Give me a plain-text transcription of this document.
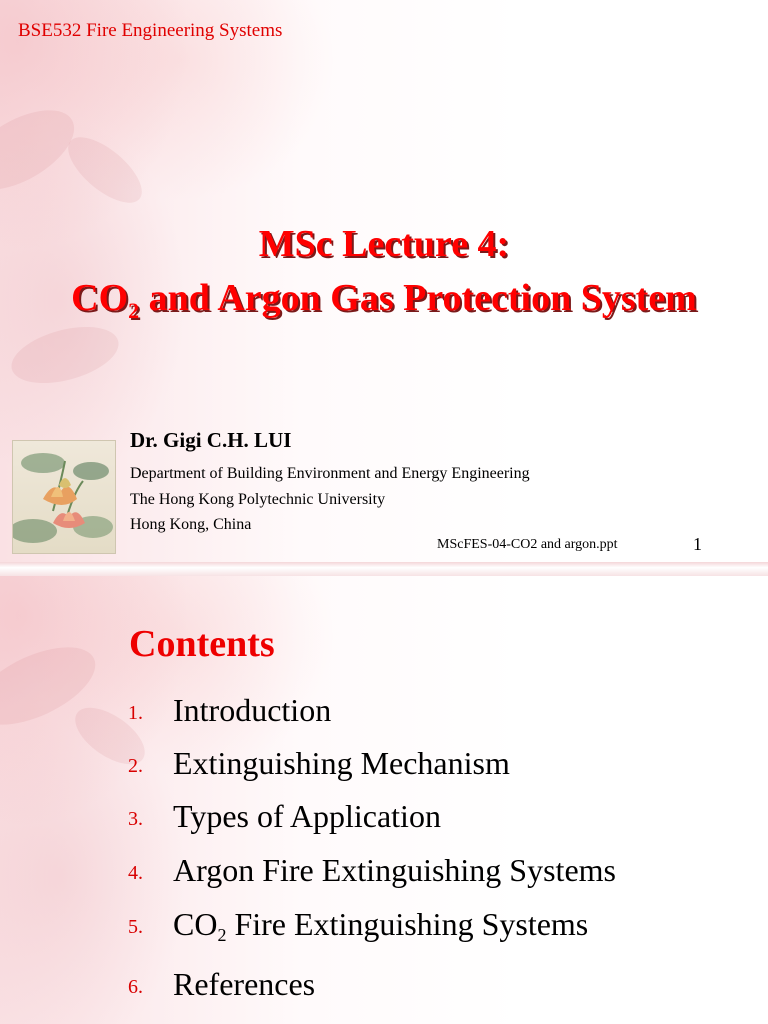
BSE532 Fire Engineering Systems
MSc Lecture 4:
$CO_2$ and Argon Gas Protection System

Dr. Gigi C.H. LUI

Department of Building Environment and Energy Engineering

The Hong Kong Polytechnic University

Hong Kong, China

MScFES-04-CO2 and argon.ppt	1
Contents
1. Introduction
2. Extinguishing Mechanism
3. Types of Application
4. Argon Fire Extinguishing Systems
5. $CO_2$ Fire Extinguishing Systems
6. References
